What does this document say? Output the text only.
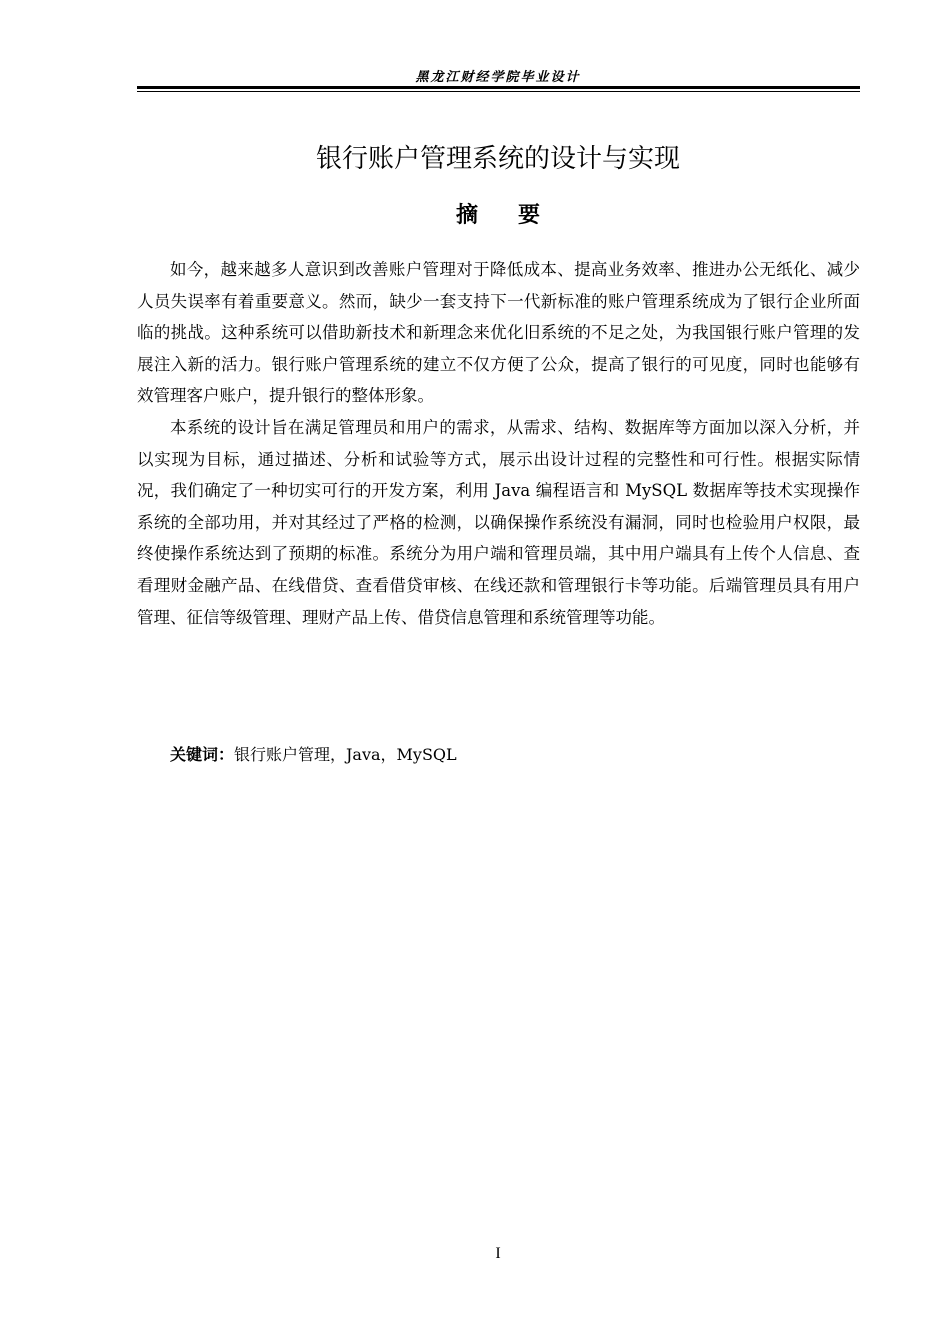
黑龙江财经学院毕业设计
银行账户管理系统的设计与实现
摘要

如今，越来越多人意识到改善账户管理对于降低成本、提高业务效率、推进办公无纸化、减少人员失误率有着重要意义。然而，缺少一套支持下一代新标准的账户管理系统成为了银行企业所面临的挑战。这种系统可以借助新技术和新理念来优化旧系统的不足之处，为我国银行账户管理的发展注入新的活力。银行账户管理系统的建立不仅方便了公众，提高了银行的可见度，同时也能够有效管理客户账户，提升银行的整体形象。

本系统的设计旨在满足管理员和用户的需求，从需求、结构、数据库等方面加以深入分析，并以实现为目标，通过描述、分析和试验等方式，展示出设计过程的完整性和可行性。根据实际情况，我们确定了一种切实可行的开发方案，利用 Java 编程语言和 MySQL 数据库等技术实现操作系统的全部功用，并对其经过了严格的检测，以确保操作系统没有漏洞，同时也检验用户权限，最终使操作系统达到了预期的标准。系统分为用户端和管理员端，其中用户端具有上传个人信息、查看理财金融产品、在线借贷、查看借贷审核、在线还款和管理银行卡等功能。后端管理员具有用户管理、征信等级管理、理财产品上传、借贷信息管理和系统管理等功能。

关键词：银行账户管理，Java，MySQL
I
